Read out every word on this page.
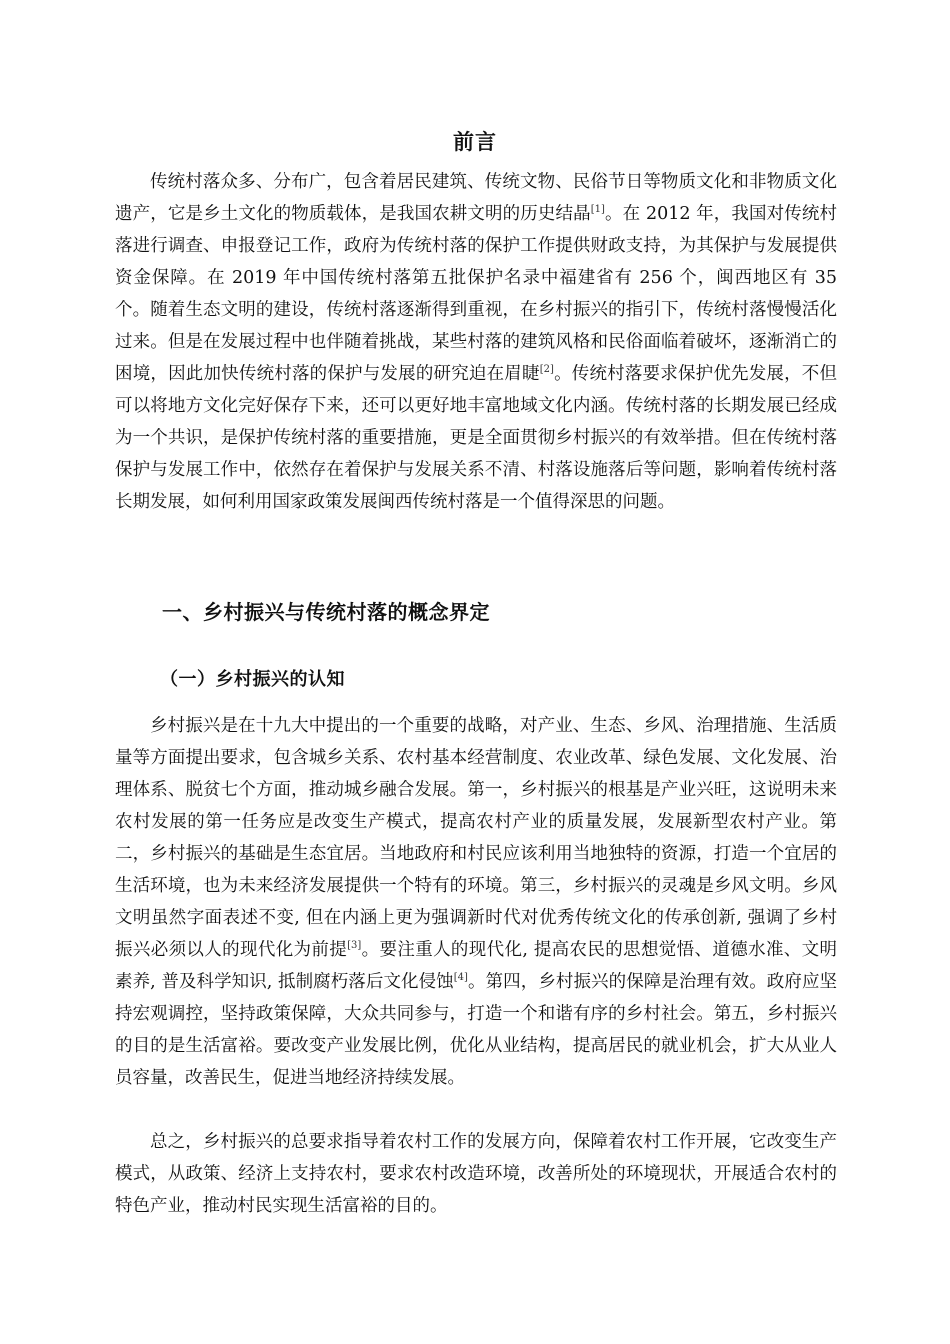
前言

传统村落众多、分布广，包含着居民建筑、传统文物、民俗节日等物质文化和非物质文化遗产，它是乡土文化的物质载体，是我国农耕文明的历史结晶[1]。在 2012 年，我国对传统村落进行调查、申报登记工作，政府为传统村落的保护工作提供财政支持，为其保护与发展提供资金保障。在 2019 年中国传统村落第五批保护名录中福建省有 256 个，闽西地区有 35 个。随着生态文明的建设，传统村落逐渐得到重视，在乡村振兴的指引下，传统村落慢慢活化过来。但是在发展过程中也伴随着挑战，某些村落的建筑风格和民俗面临着破坏，逐渐消亡的困境，因此加快传统村落的保护与发展的研究迫在眉睫[2]。传统村落要求保护优先发展，不但可以将地方文化完好保存下来，还可以更好地丰富地域文化内涵。传统村落的长期发展已经成为一个共识，是保护传统村落的重要措施，更是全面贯彻乡村振兴的有效举措。但在传统村落保护与发展工作中，依然存在着保护与发展关系不清、村落设施落后等问题，影响着传统村落长期发展，如何利用国家政策发展闽西传统村落是一个值得深思的问题。

一、乡村振兴与传统村落的概念界定
（一）乡村振兴的认知

乡村振兴是在十九大中提出的一个重要的战略，对产业、生态、乡风、治理措施、生活质量等方面提出要求，包含城乡关系、农村基本经营制度、农业改革、绿色发展、文化发展、治理体系、脱贫七个方面，推动城乡融合发展。第一，乡村振兴的根基是产业兴旺，这说明未来农村发展的第一任务应是改变生产模式，提高农村产业的质量发展，发展新型农村产业。第二，乡村振兴的基础是生态宜居。当地政府和村民应该利用当地独特的资源，打造一个宜居的生活环境，也为未来经济发展提供一个特有的环境。第三，乡村振兴的灵魂是乡风文明。乡风文明虽然字面表述不变, 但在内涵上更为强调新时代对优秀传统文化的传承创新, 强调了乡村振兴必须以人的现代化为前提[3]。要注重人的现代化, 提高农民的思想觉悟、道德水准、文明素养, 普及科学知识, 抵制腐朽落后文化侵蚀[4]。第四，乡村振兴的保障是治理有效。政府应坚持宏观调控，坚持政策保障，大众共同参与，打造一个和谐有序的乡村社会。第五，乡村振兴的目的是生活富裕。要改变产业发展比例，优化从业结构，提高居民的就业机会，扩大从业人员容量，改善民生，促进当地经济持续发展。

总之，乡村振兴的总要求指导着农村工作的发展方向，保障着农村工作开展，它改变生产模式，从政策、经济上支持农村，要求农村改造环境，改善所处的环境现状，开展适合农村的特色产业，推动村民实现生活富裕的目的。
